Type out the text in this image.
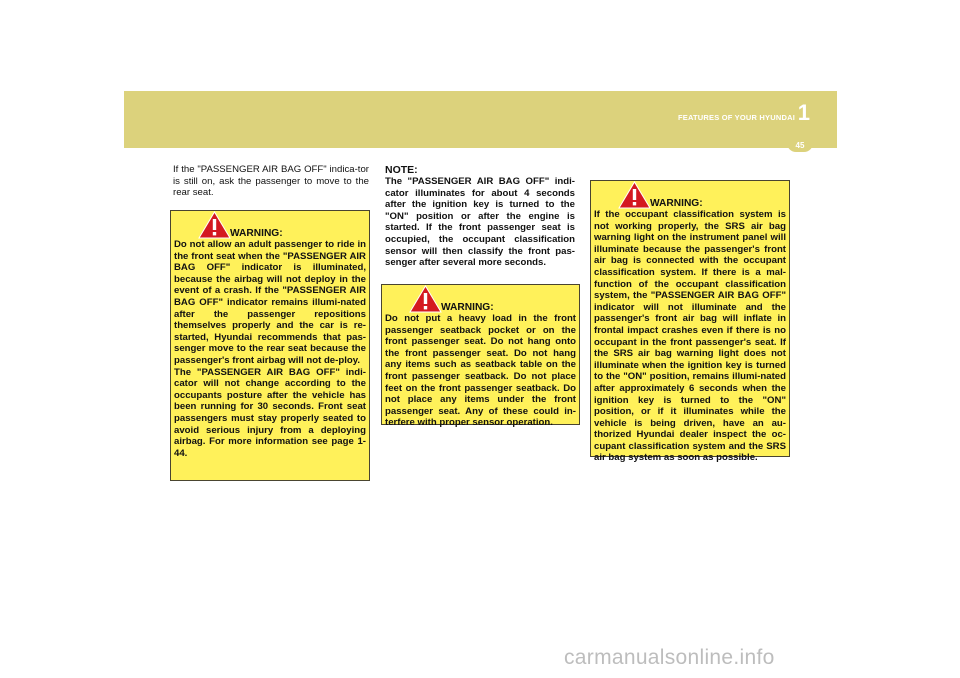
FEATURES OF YOUR HYUNDAI 1
45

If the "PASSENGER AIR BAG OFF" indica-tor is still on, ask the passenger to move to the rear seat.

WARNING:
Do not allow an adult passenger to ride in the front seat when the "PASSENGER AIR BAG OFF" indicator is illuminated, because the airbag will not deploy in the event of a crash. If the "PASSENGER AIR BAG OFF" indicator remains illumi-nated after the passenger repositions themselves properly and the car is re-started, Hyundai recommends that pas-senger move to the rear seat because the passenger's front airbag will not de-ploy.
The "PASSENGER AIR BAG OFF" indi-cator will not change according to the occupants posture after the vehicle has been running for 30 seconds. Front seat passengers must stay properly seated to avoid serious injury from a deploying airbag. For more information see page 1-44.
NOTE:
The "PASSENGER AIR BAG OFF" indi-cator illuminates for about 4 seconds after the ignition key is turned to the "ON" position or after the engine is started. If the front passenger seat is occupied, the occupant classification sensor will then classify the front pas-senger after several more seconds.
WARNING:
Do not put a heavy load in the front passenger seatback pocket or on the front passenger seat. Do not hang onto the front passenger seat. Do not hang any items such as seatback table on the front passenger seatback. Do not place feet on the front passenger seatback. Do not place any items under the front passenger seat. Any of these could in-terfere with proper sensor operation.
WARNING:
If the occupant classification system is not working properly, the SRS air bag warning light on the instrument panel will illuminate because the passenger's front air bag is connected with the occupant classification system. If there is a mal-function of the occupant classification system, the "PASSENGER AIR BAG OFF" indicator will not illuminate and the passenger's front air bag will inflate in frontal impact crashes even if there is no occupant in the front passenger's seat. If the SRS air bag warning light does not illuminate when the ignition key is turned to the "ON" position, remains illumi-nated after approximately 6 seconds when the ignition key is turned to the "ON" position, or if it illuminates while the vehicle is being driven, have an au-thorized Hyundai dealer inspect the oc-cupant classification system and the SRS air bag system as soon as possible.
carmanualsonline.info
